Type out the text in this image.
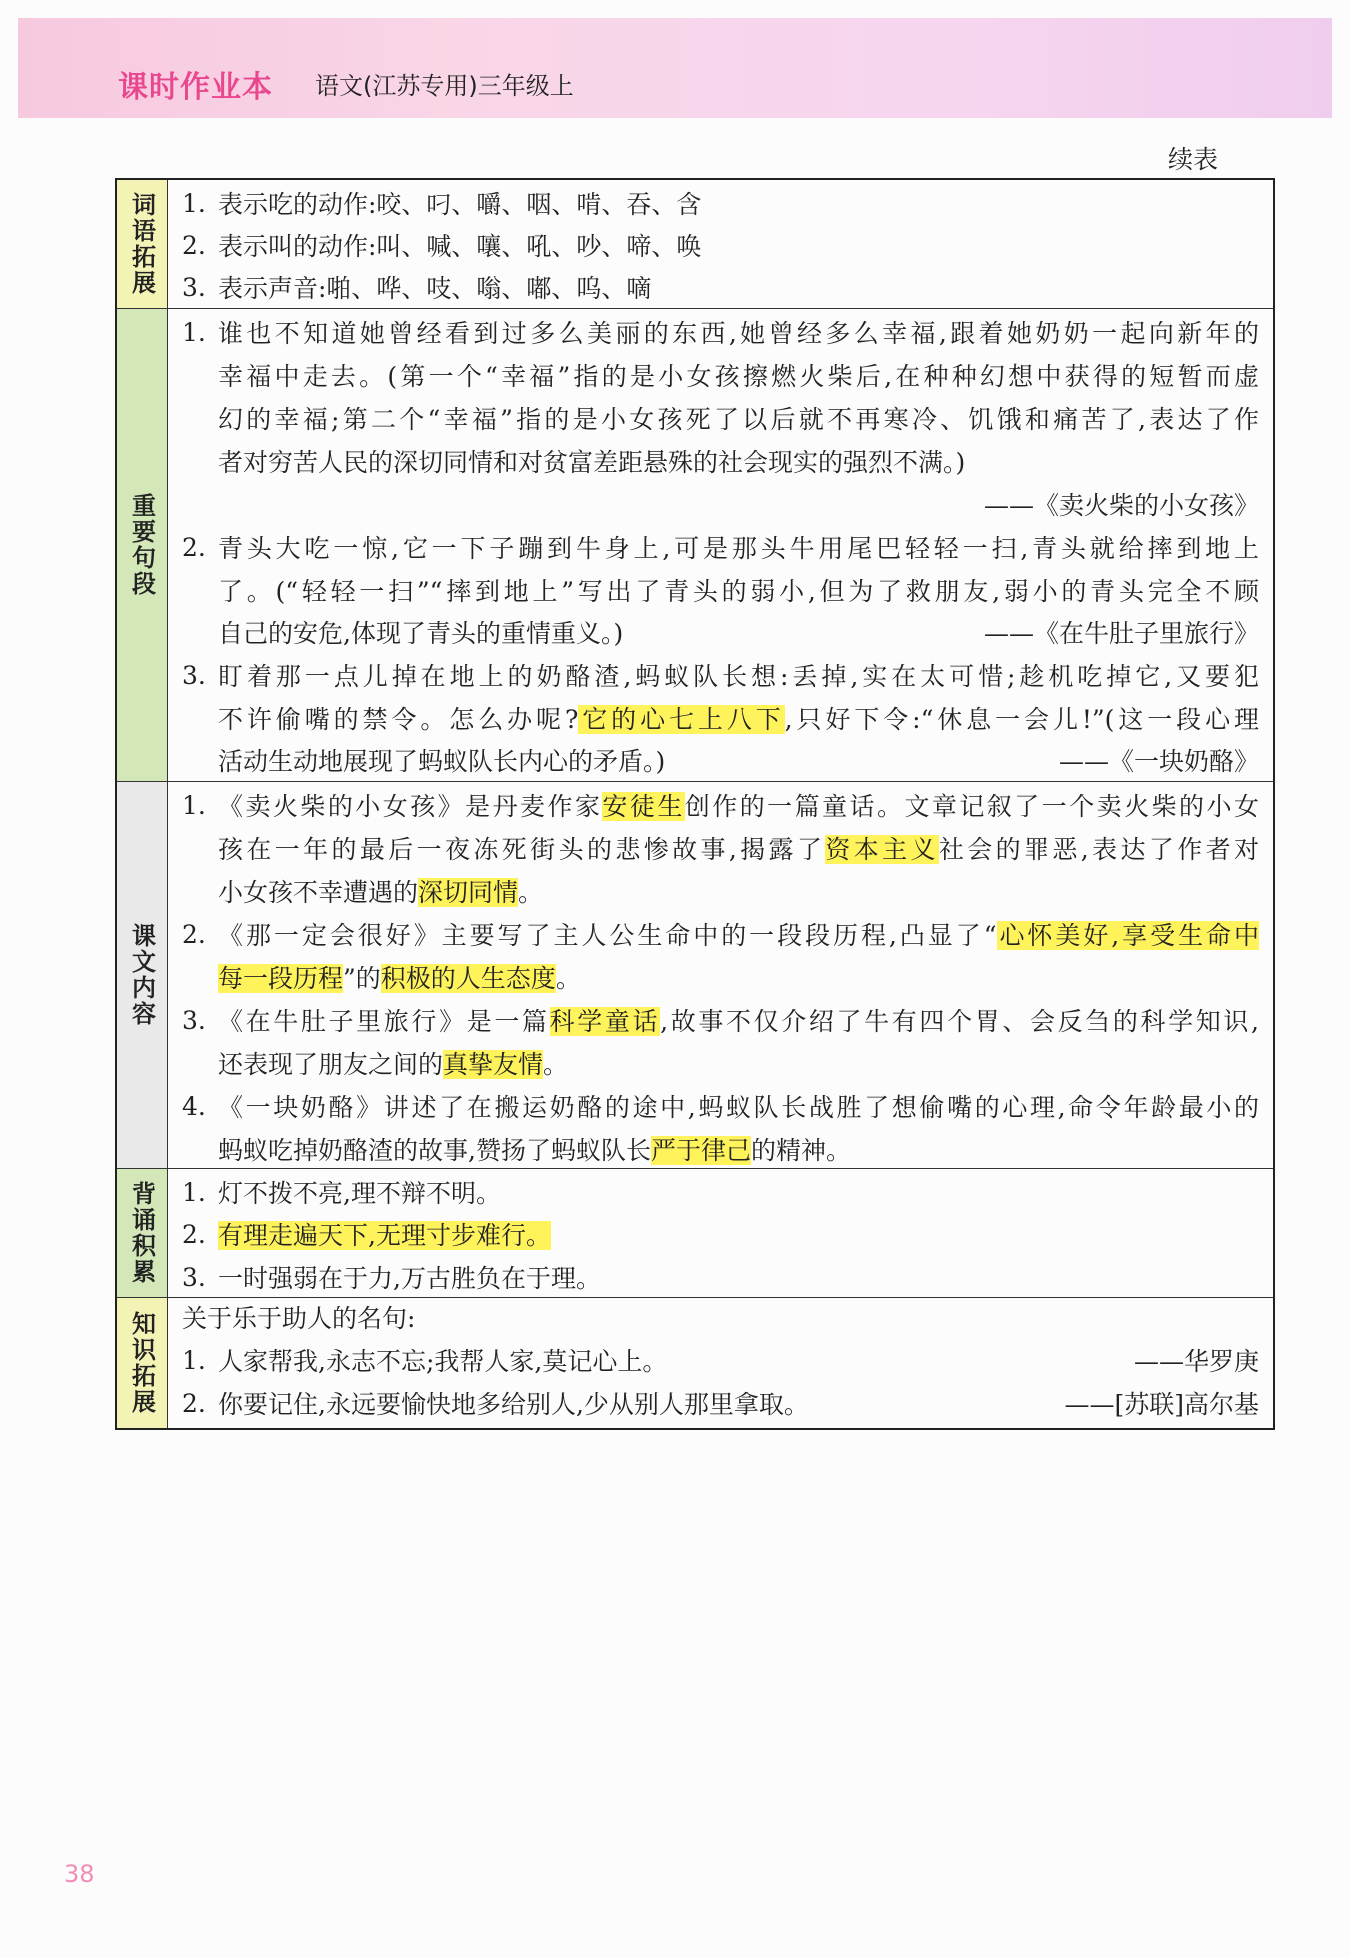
课时作业本 语文(江苏专用)三年级上
续表
词语拓展 1. 表示吃的动作:咬、叼、嚼、咽、啃、吞、含
2. 表示叫的动作:叫、喊、嚷、吼、吵、啼、唤
3. 表示声音:啪、哗、吱、嗡、嘟、呜、嘀
重要句段
1. 谁也不知道她曾经看到过多么美丽的东西,她曾经多么幸福,跟着她奶奶一起向新年的
幸福中走去。(第一个“幸福”指的是小女孩擦燃火柴后,在种种幻想中获得的短暂而虚
幻的幸福;第二个“幸福”指的是小女孩死了以后就不再寒冷、饥饿和痛苦了,表达了作
者对穷苦人民的深切同情和对贫富差距悬殊的社会现实的强烈不满。)
——《卖火柴的小女孩》
2. 青头大吃一惊,它一下子蹦到牛身上,可是那头牛用尾巴轻轻一扫,青头就给摔到地上
了。(“轻轻一扫”“摔到地上”写出了青头的弱小,但为了救朋友,弱小的青头完全不顾
自己的安危,体现了青头的重情重义。)	——《在牛肚子里旅行》
3. 盯着那一点儿掉在地上的奶酪渣,蚂蚁队长想:丢掉,实在太可惜;趁机吃掉它,又要犯
不许偷嘴的禁令。怎么办呢?它的心七上八下,只好下令:“休息一会儿!”(这一段心理
活动生动地展现了蚂蚁队长内心的矛盾。)	——《一块奶酪》
课文内容
1. 《卖火柴的小女孩》是丹麦作家安徒生创作的一篇童话。文章记叙了一个卖火柴的小女
孩在一年的最后一夜冻死街头的悲惨故事,揭露了资本主义社会的罪恶,表达了作者对
小女孩不幸遭遇的深切同情。
2. 《那一定会很好》主要写了主人公生命中的一段段历程,凸显了“心怀美好,享受生命中
每一段历程”的积极的人生态度。
3. 《在牛肚子里旅行》是一篇科学童话,故事不仅介绍了牛有四个胃、会反刍的科学知识,
还表现了朋友之间的真挚友情。
4. 《一块奶酪》讲述了在搬运奶酪的途中,蚂蚁队长战胜了想偷嘴的心理,命令年龄最小的
蚂蚁吃掉奶酪渣的故事,赞扬了蚂蚁队长严于律己的精神。
背诵积累 1. 灯不拨不亮,理不辩不明。
2. 有理走遍天下,无理寸步难行。
3. 一时强弱在于力,万古胜负在于理。
知识拓展 关于乐于助人的名句:
1. 人家帮我,永志不忘;我帮人家,莫记心上。	——华罗庚
2. 你要记住,永远要愉快地多给别人,少从别人那里拿取。	——[苏联]高尔基
38
